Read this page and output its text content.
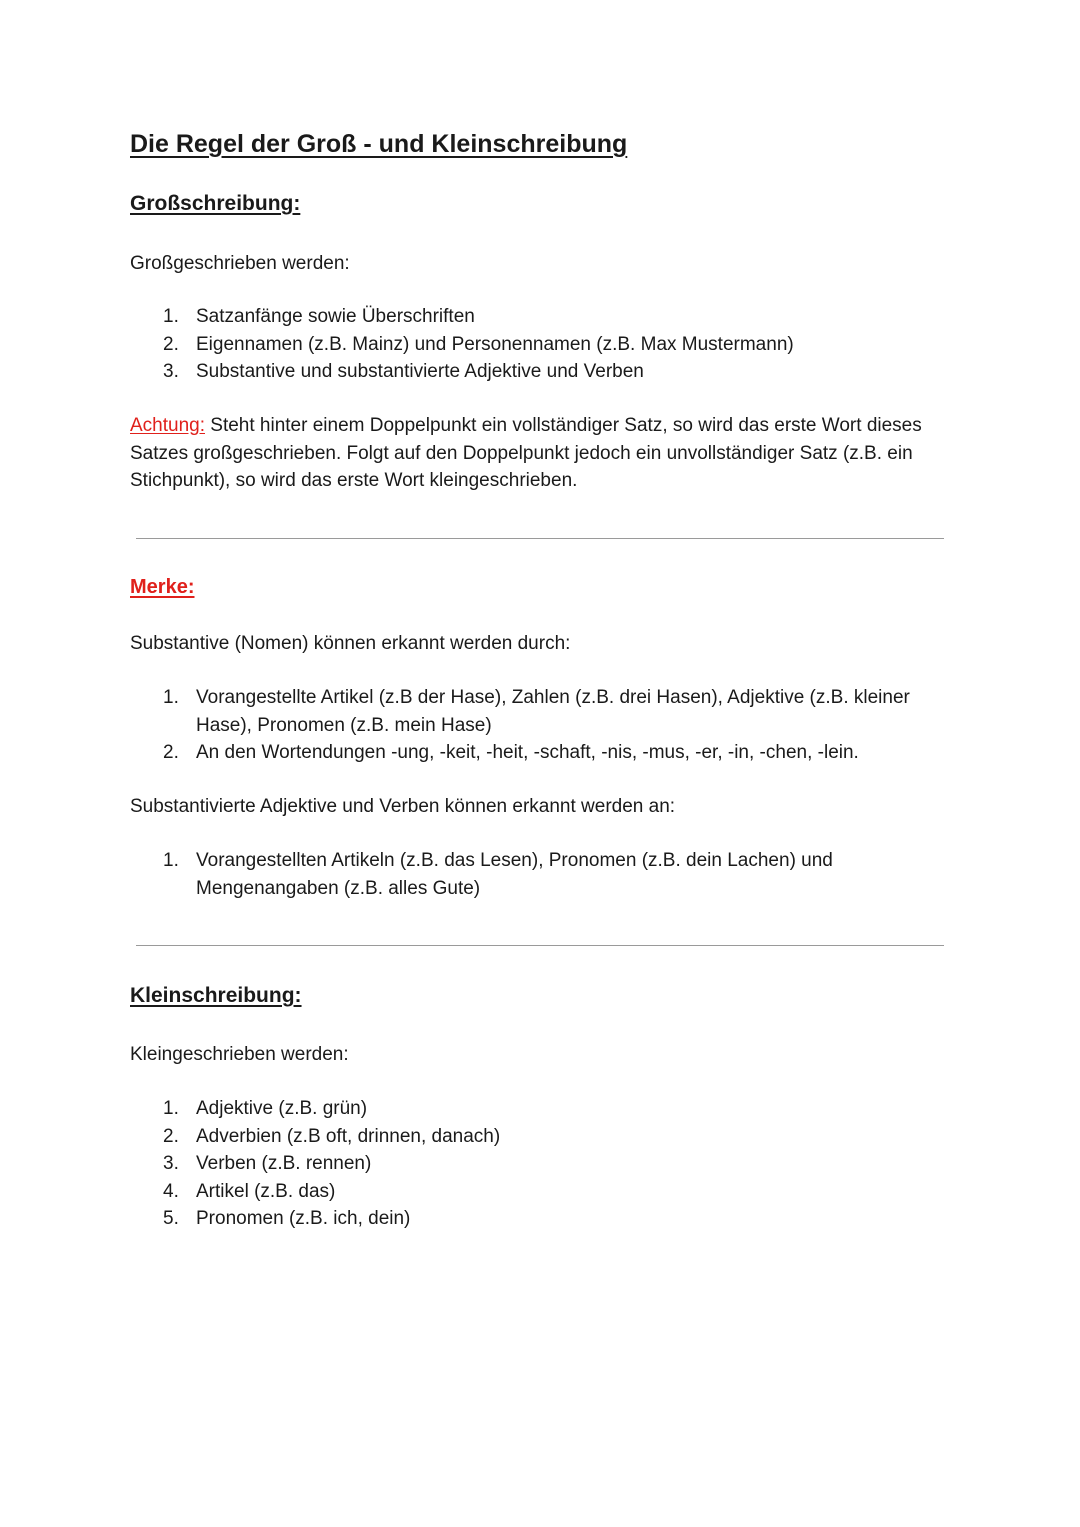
Die Regel der Groß - und Kleinschreibung
Großschreibung:

Großgeschrieben werden:

1. Satzanfänge sowie Überschriften
2. Eigennamen (z.B. Mainz) und Personennamen (z.B. Max Mustermann)
3. Substantive und substantivierte Adjektive und Verben

Achtung: Steht hinter einem Doppelpunkt ein vollständiger Satz, so wird das erste Wort dieses Satzes großgeschrieben. Folgt auf den Doppelpunkt jedoch ein unvollständiger Satz (z.B. ein Stichpunkt), so wird das erste Wort kleingeschrieben.

Merke:

Substantive (Nomen) können erkannt werden durch:

1. Vorangestellte Artikel (z.B der Hase), Zahlen (z.B. drei Hasen), Adjektive (z.B. kleiner Hase), Pronomen (z.B. mein Hase)
2. An den Wortendungen -ung, -keit, -heit, -schaft, -nis, -mus, -er, -in, -chen, -lein.

Substantivierte Adjektive und Verben können erkannt werden an:

1. Vorangestellten Artikeln (z.B. das Lesen), Pronomen (z.B. dein Lachen) und Mengenangaben (z.B. alles Gute)
Kleinschreibung:

Kleingeschrieben werden:

1. Adjektive (z.B. grün)
2. Adverbien (z.B oft, drinnen, danach)
3. Verben (z.B. rennen)
4. Artikel (z.B. das)
5. Pronomen (z.B. ich, dein)
